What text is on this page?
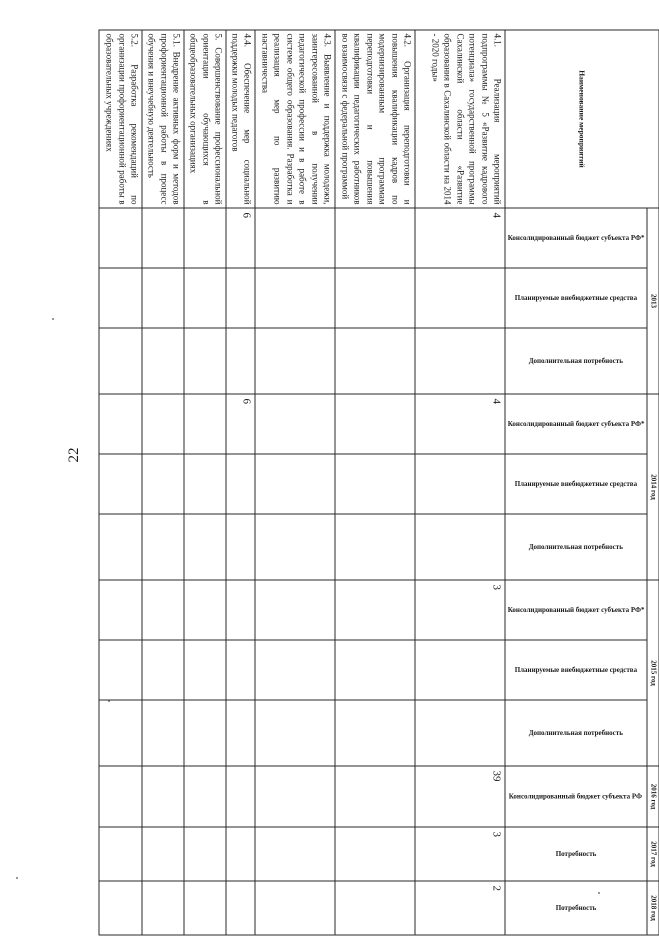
22
Наименование мероприятий	2013			2014 год			2015 год			2016 год	2017 год	2018 год
	Консолидированный бюджет субъекта РФ*	Планируемые внебюджетные средства	Дополнительная потребность	Консолидированный бюджет субъекта РФ*	Планируемые внебюджетные средства	Дополнительная потребность	Консолидированный бюджет субъекта РФ*	Планируемые внебюджетные средства	Дополнительная потребность	Консолидированный бюджет субъекта РФ	Потребность	Потребность
4.1. Реализация мероприятий подпрограммы № 5 «Развитие кадрового потенциала» государственной программы Сахалинской области «Развитие образования в Сахалинской области на 2014 - 2020 годы»	4			4			3			39	3	2

4.2. Организация переподготовки и повышения квалификации кадров по модернизированным программам переподготовки и повышения квалификации педагогических работников во взаимосвязи с федеральной программой	

4.3. Выявление и поддержка молодежи, заинтересованной в получении педагогической профессии и в работе в системе общего образования. Разработка и реализация мер по развитию наставничества	

4.4. Обеспечение мер социальной поддержки молодых педагогов	6			6								

5. Совершенствование профессиональной ориентации обучающихся в общеобразовательных организациях	

5.1. Внедрение активных форм и методов профориентационной работы в процесс обучения и внеучебную деятельность	

5.2. Разработка рекомендаций по организации профориентационной работы в образовательных учреждениях	
